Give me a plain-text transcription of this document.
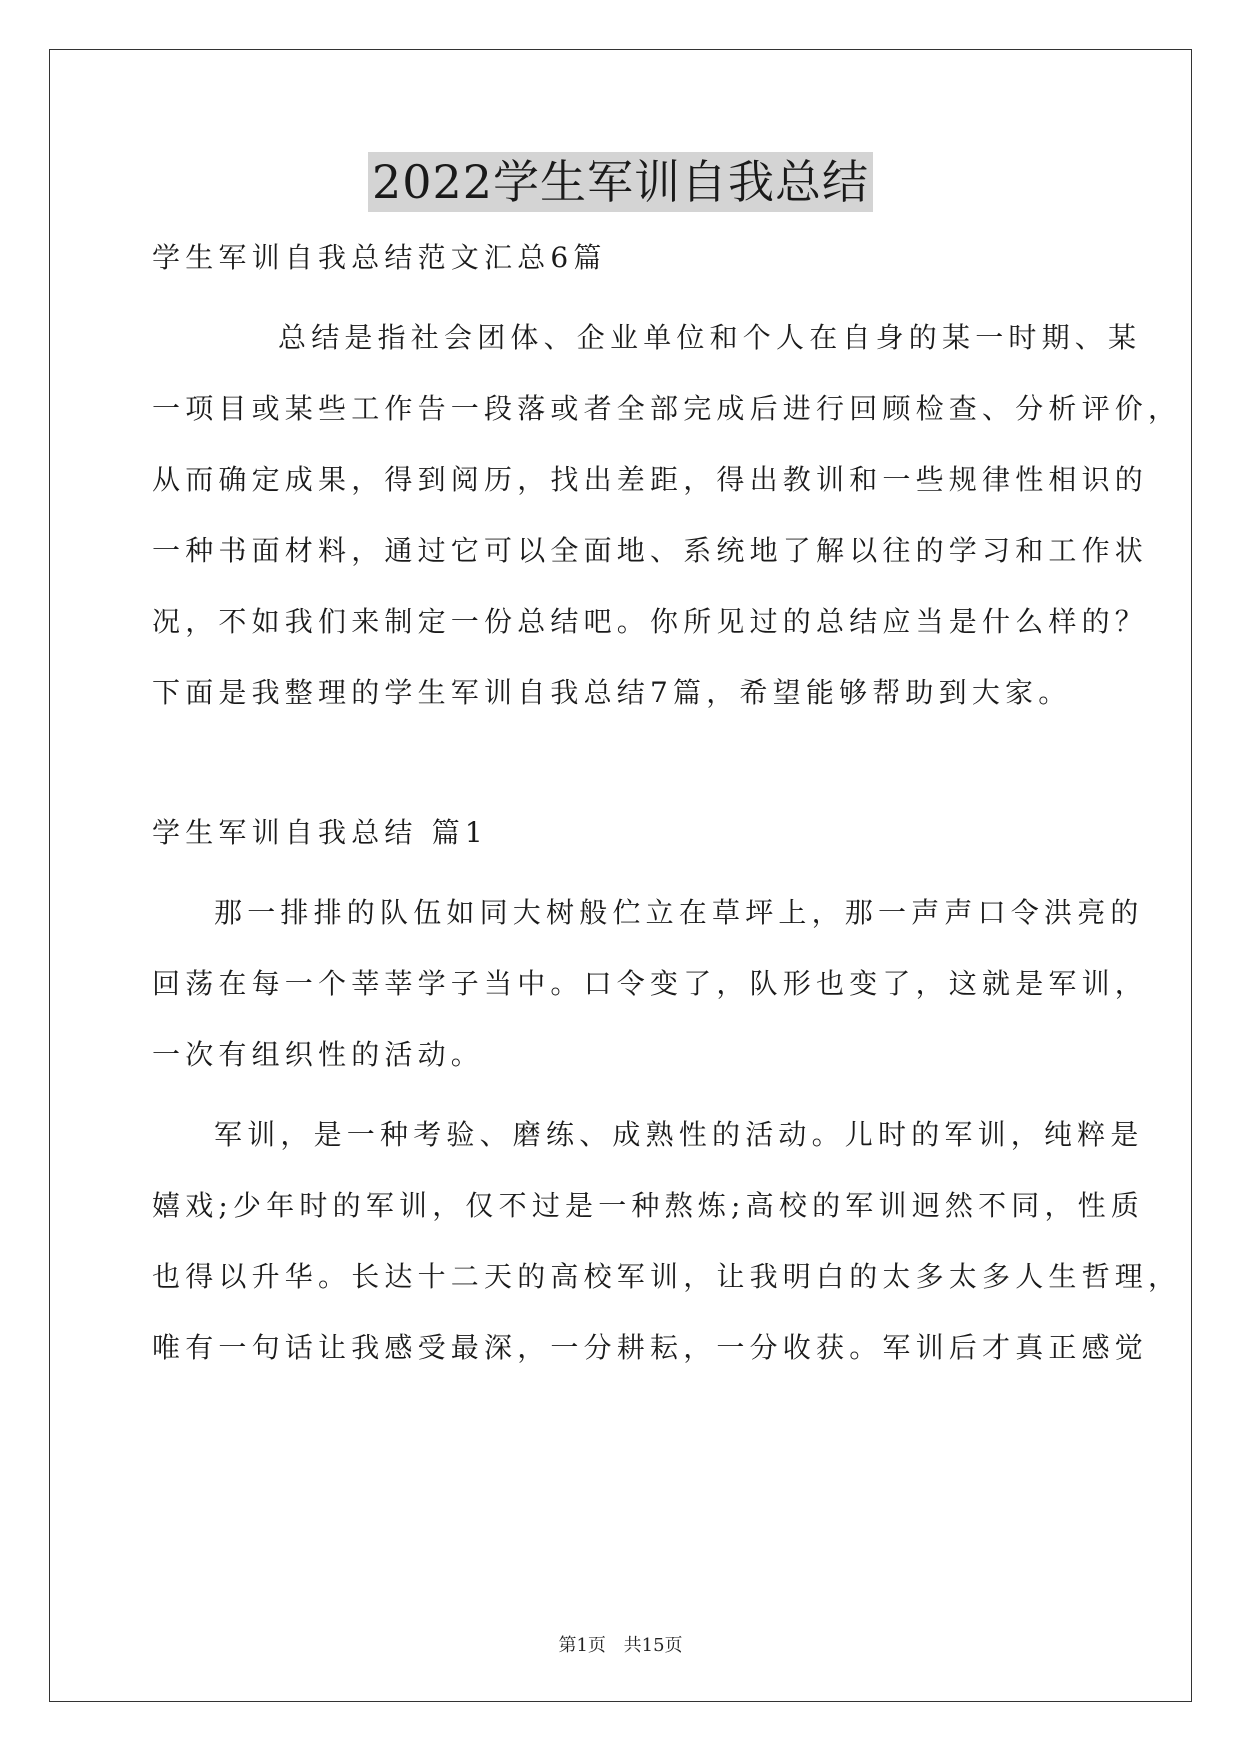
2022学生军训自我总结

学生军训自我总结范文汇总6篇

总结是指社会团体、企业单位和个人在自身的某一时期、某

一项目或某些工作告一段落或者全部完成后进行回顾检查、分析评价，

从而确定成果，得到阅历，找出差距，得出教训和一些规律性相识的

一种书面材料，通过它可以全面地、系统地了解以往的学习和工作状

况，不如我们来制定一份总结吧。你所见过的总结应当是什么样的？

下面是我整理的学生军训自我总结7篇，希望能够帮助到大家。

学生军训自我总结 篇1

那一排排的队伍如同大树般伫立在草坪上，那一声声口令洪亮的

回荡在每一个莘莘学子当中。口令变了，队形也变了，这就是军训，

一次有组织性的活动。

军训，是一种考验、磨练、成熟性的活动。儿时的军训，纯粹是

嬉戏;少年时的军训，仅不过是一种熬炼;高校的军训迥然不同，性质

也得以升华。长达十二天的高校军训，让我明白的太多太多人生哲理，

唯有一句话让我感受最深，一分耕耘，一分收获。军训后才真正感觉

第1页 共15页
